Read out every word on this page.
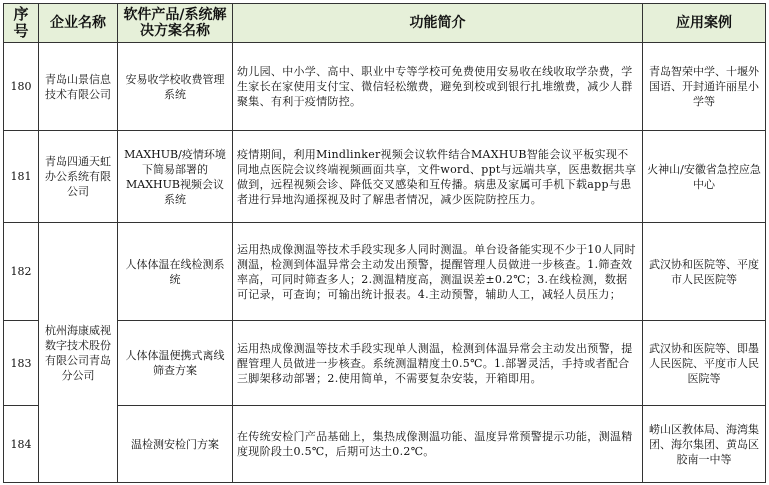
序号	企业名称	软件产品/系统解决方案名称	功能简介	应用案例
180	青岛山景信息技术有限公司	安易收学校收费管理系统	幼儿园、中小学、高中、职业中专等学校可免费使用安易收在线收取学杂费，学生家长在家使用支付宝、微信轻松缴费，避免到校或到银行扎堆缴费，减少人群聚集、有利于疫情防控。	青岛智荣中学、十堰外国语、开封通许丽星小学等
181	青岛四通天虹办公系统有限公司	MAXHUB/疫情环境下简易部署的MAXHUB视频会议系统	疫情期间，利用Mindlinker视频会议软件结合MAXHUB智能会议平板实现不同地点医院会议终端视频画面共享，文件word、ppt与远端共享，医患数据共享做到，远程视频会诊、降低交叉感染和互传播。病患及家属可手机下载app与患者进行异地沟通探视及时了解患者情况，减少医院防控压力。	火神山/安徽省急控应急中心
182	杭州海康威视数字技术股份有限公司青岛分公司	人体体温在线检测系统	运用热成像测温等技术手段实现多人同时测温。单台设备能实现不少于10人同时测温，检测到体温异常会主动发出预警，提醒管理人员做进一步核查。1.筛查效率高，可同时筛查多人；2.测温精度高，测温误差±0.2℃；3.在线检测，数据可记录，可查询；可输出统计报表。4.主动预警，辅助人工，减轻人员压力；	武汉协和医院等、平度市人民医院等
183		人体体温便携式离线筛查方案	运用热成像测温等技术手段实现单人测温，检测到体温异常会主动发出预警，提醒管理人员做进一步核查。系统测温精度土0.5℃。1.部署灵活，手持或者配合三脚架移动部署；2.使用简单，不需要复杂安装，开箱即用。	武汉协和医院等、即墨人民医院、平度市人民医院等
184		温检测安检门方案	在传统安检门产品基础上，集热成像测温功能、温度异常预警提示功能，测温精度现阶段土0.5℃，后期可达土0.2℃。	崂山区教体局、海湾集团、海尔集团、黄岛区胶南一中等
